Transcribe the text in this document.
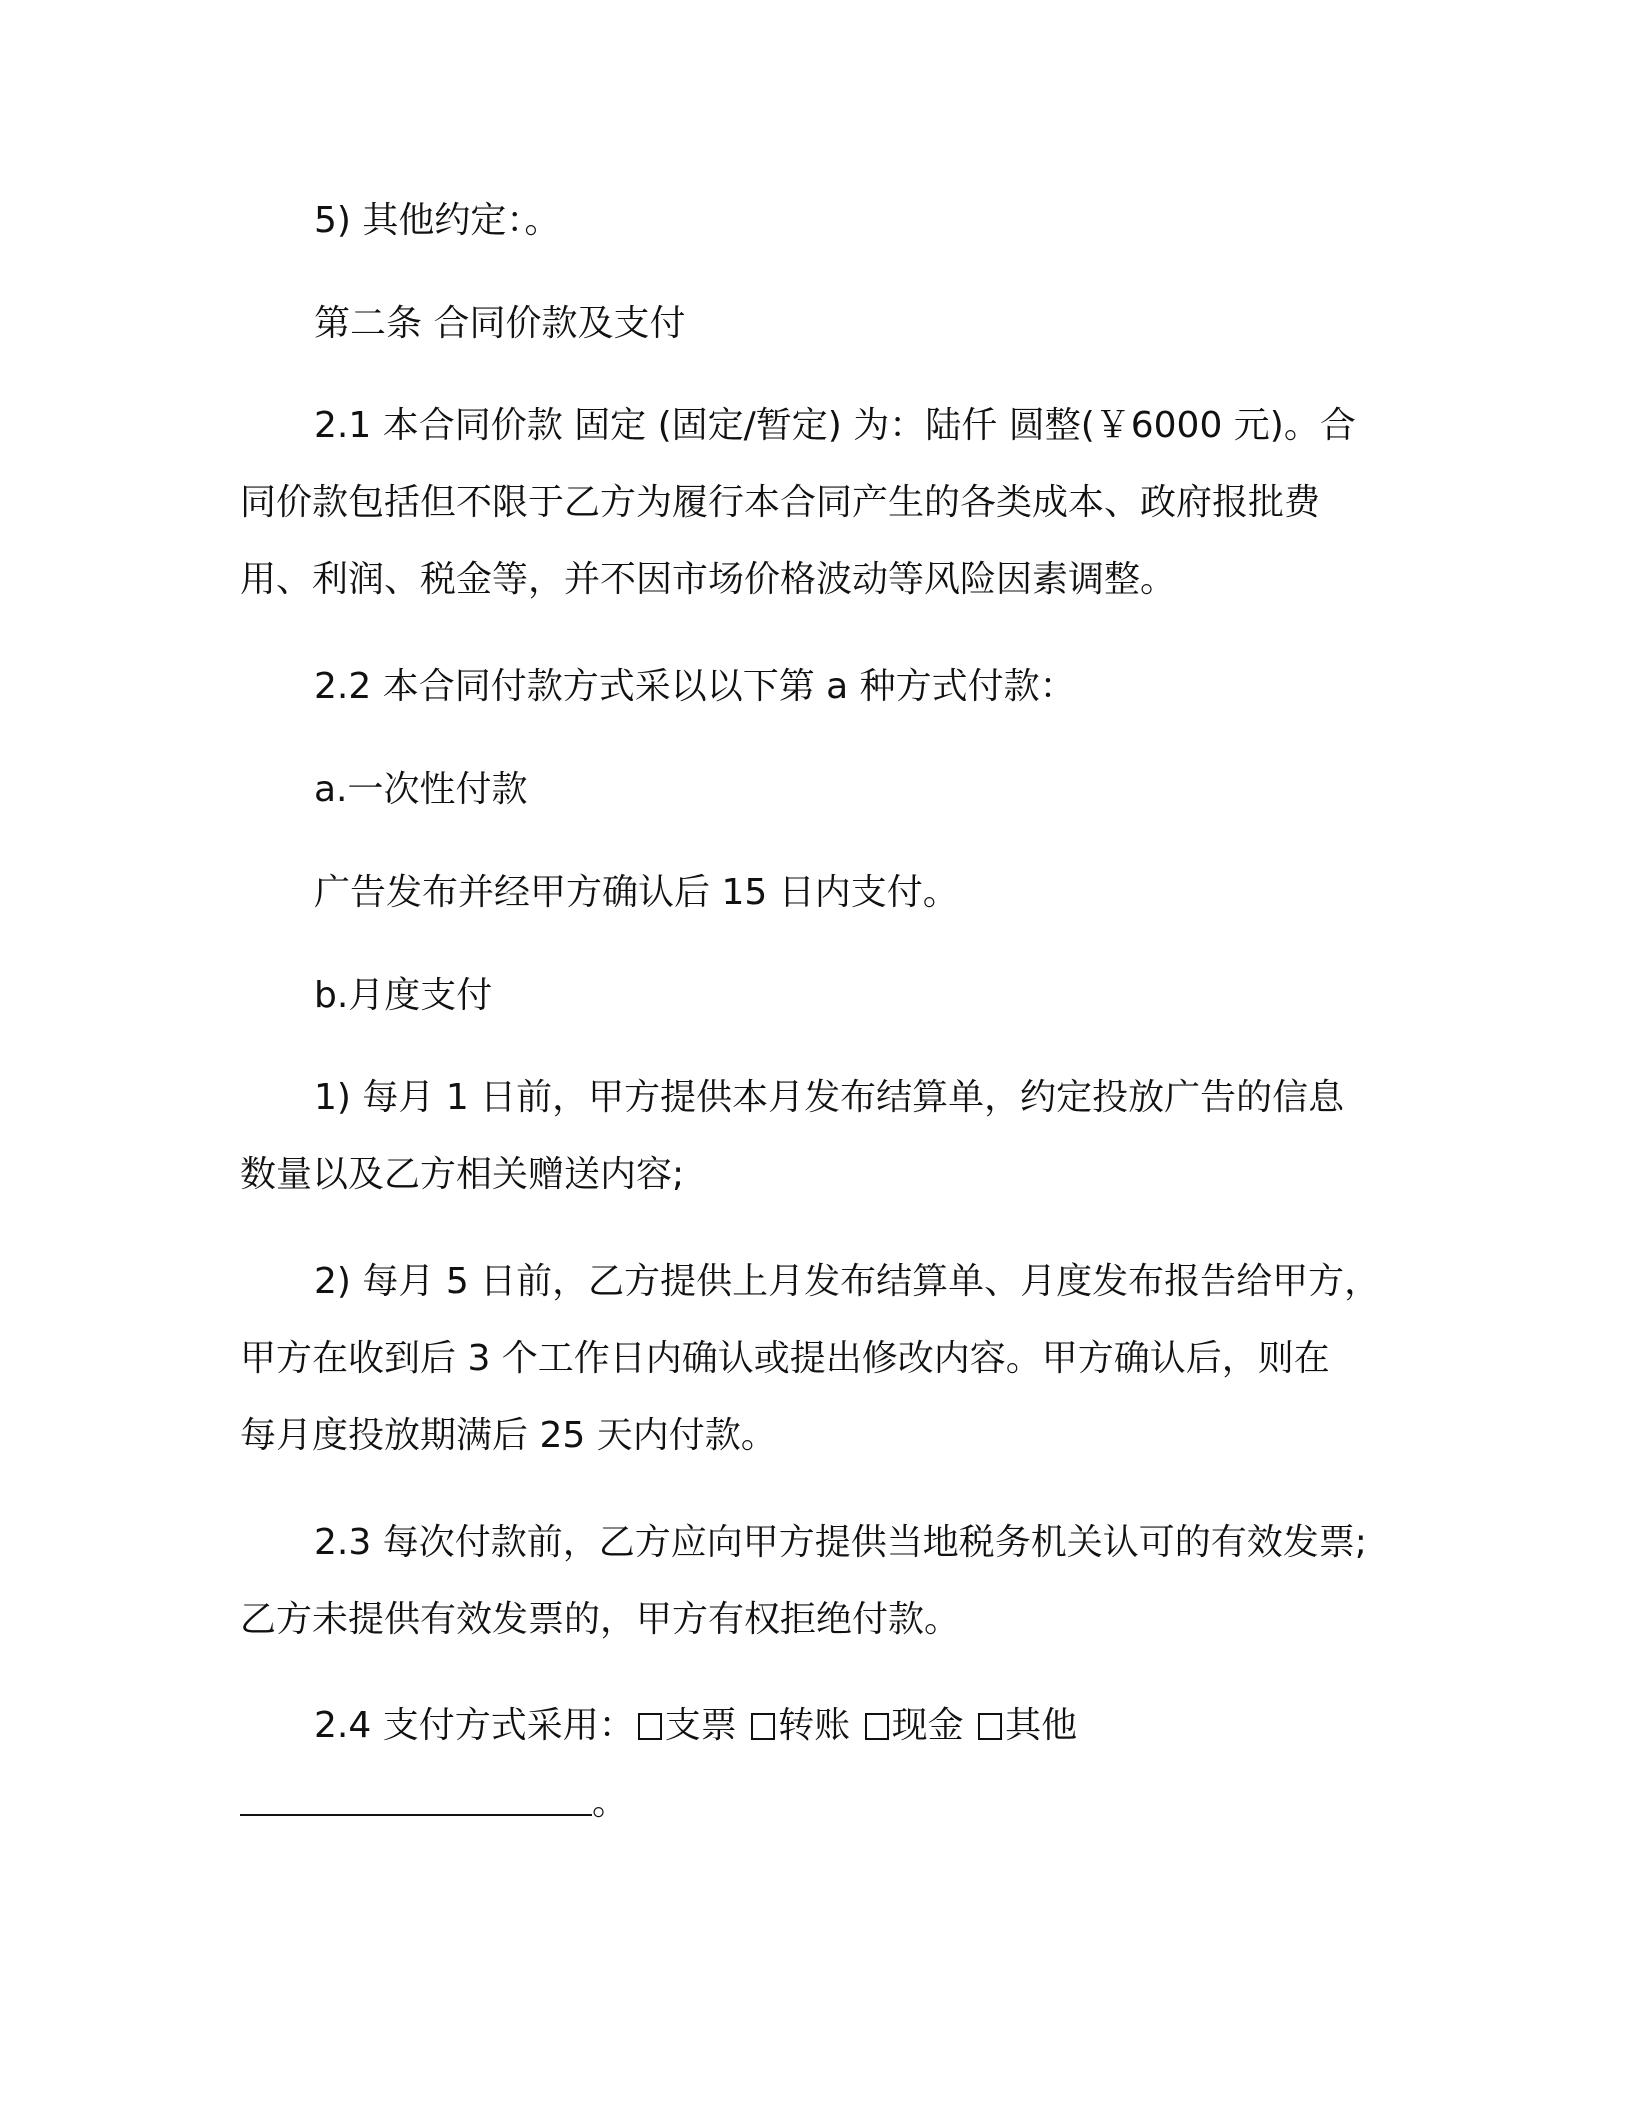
5) 其他约定：。

第二条 合同价款及支付

2.1 本合同价款 固定 (固定/暂定) 为：陆仟 圆整(￥6000 元)。合
同价款包括但不限于乙方为履行本合同产生的各类成本、政府报批费
用、利润、税金等，并不因市场价格波动等风险因素调整。

2.2 本合同付款方式采以以下第 a 种方式付款：

a.一次性付款

广告发布并经甲方确认后 15 日内支付。

b.月度支付

1) 每月 1 日前，甲方提供本月发布结算单，约定投放广告的信息
数量以及乙方相关赠送内容;
2) 每月 5 日前，乙方提供上月发布结算单、月度发布报告给甲方，
甲方在收到后 3 个工作日内确认或提出修改内容。甲方确认后，则在
每月度投放期满后 25 天内付款。
2.3 每次付款前，乙方应向甲方提供当地税务机关认可的有效发票;
乙方未提供有效发票的，甲方有权拒绝付款。
2.4 支付方式采用： 支票 转账 现金 其他
。
